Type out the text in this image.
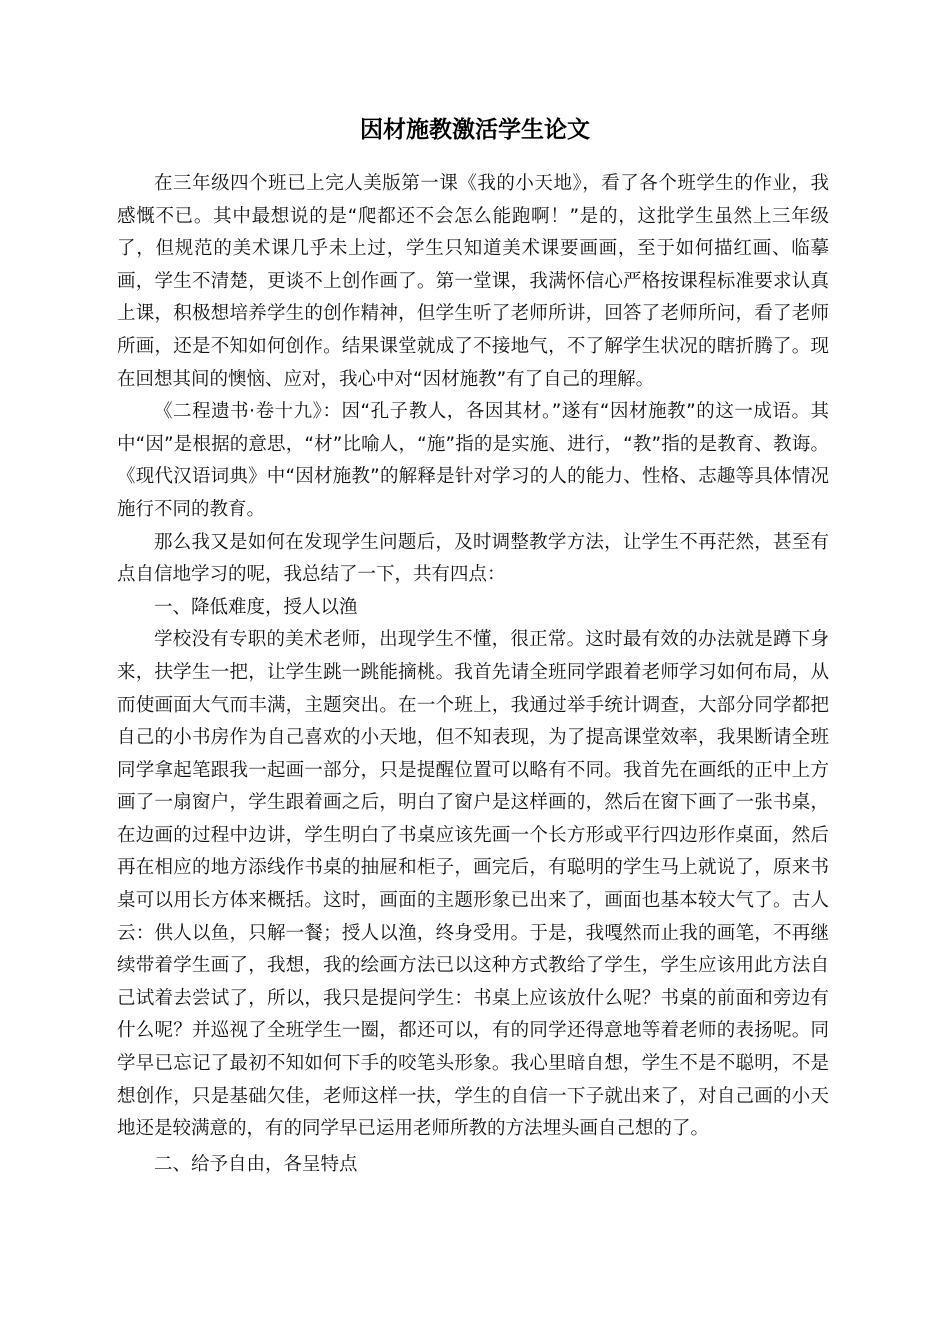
因材施教激活学生论文

在三年级四个班已上完人美版第一课《我的小天地》，看了各个班学生的作业，我感慨不已。其中最想说的是“爬都还不会怎么能跑啊！”是的，这批学生虽然上三年级了，但规范的美术课几乎未上过，学生只知道美术课要画画，至于如何描红画、临摹画，学生不清楚，更谈不上创作画了。第一堂课，我满怀信心严格按课程标准要求认真上课，积极想培养学生的创作精神，但学生听了老师所讲，回答了老师所问，看了老师所画，还是不知如何创作。结果课堂就成了不接地气，不了解学生状况的瞎折腾了。现在回想其间的懊恼、应对，我心中对“因材施教”有了自己的理解。

《二程遗书·卷十九》：因“孔子教人，各因其材。”遂有“因材施教”的这一成语。其中“因”是根据的意思，“材”比喻人，“施”指的是实施、进行，“教”指的是教育、教诲。《现代汉语词典》中“因材施教”的解释是针对学习的人的能力、性格、志趣等具体情况施行不同的教育。

那么我又是如何在发现学生问题后，及时调整教学方法，让学生不再茫然，甚至有点自信地学习的呢，我总结了一下，共有四点：

一、降低难度，授人以渔

学校没有专职的美术老师，出现学生不懂，很正常。这时最有效的办法就是蹲下身来，扶学生一把，让学生跳一跳能摘桃。我首先请全班同学跟着老师学习如何布局，从而使画面大气而丰满，主题突出。在一个班上，我通过举手统计调查，大部分同学都把自己的小书房作为自己喜欢的小天地，但不知表现，为了提高课堂效率，我果断请全班同学拿起笔跟我一起画一部分，只是提醒位置可以略有不同。我首先在画纸的正中上方画了一扇窗户，学生跟着画之后，明白了窗户是这样画的，然后在窗下画了一张书桌，在边画的过程中边讲，学生明白了书桌应该先画一个长方形或平行四边形作桌面，然后再在相应的地方添线作书桌的抽屉和柜子，画完后，有聪明的学生马上就说了，原来书桌可以用长方体来概括。这时，画面的主题形象已出来了，画面也基本较大气了。古人云：供人以鱼，只解一餐；授人以渔，终身受用。于是，我嘎然而止我的画笔，不再继续带着学生画了，我想，我的绘画方法已以这种方式教给了学生，学生应该用此方法自己试着去尝试了，所以，我只是提问学生：书桌上应该放什么呢？书桌的前面和旁边有什么呢？并巡视了全班学生一圈，都还可以，有的同学还得意地等着老师的表扬呢。同学早已忘记了最初不知如何下手的咬笔头形象。我心里暗自想，学生不是不聪明，不是想创作，只是基础欠佳，老师这样一扶，学生的自信一下子就出来了，对自己画的小天地还是较满意的，有的同学早已运用老师所教的方法埋头画自己想的了。

二、给予自由，各呈特点
